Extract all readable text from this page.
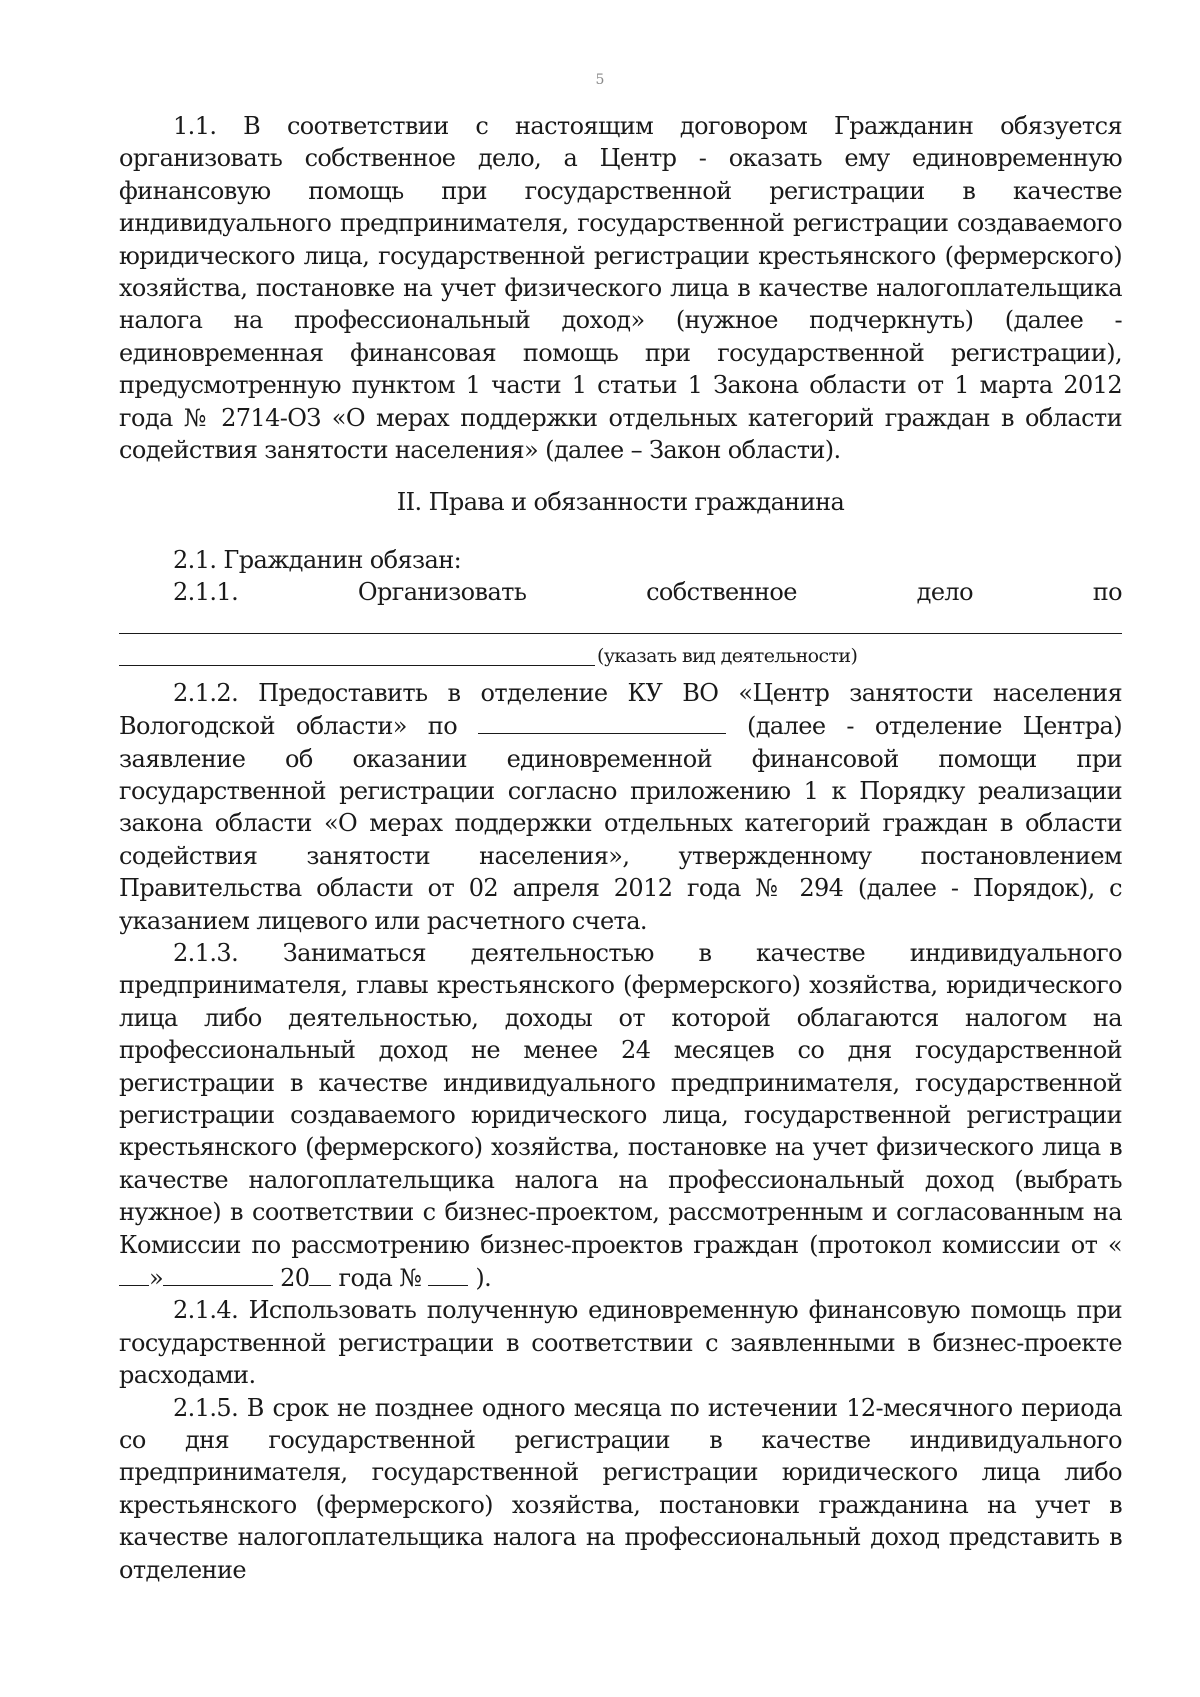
5

1.1. В соответствии с настоящим договором Гражданин обязуется организовать собственное дело, а Центр - оказать ему единовременную финансовую помощь при государственной регистрации в качестве индивидуального предпринимателя, государственной регистрации создаваемого юридического лица, государственной регистрации крестьянского (фермерского) хозяйства, постановке на учет физического лица в качестве налогоплательщика налога на профессиональный доход» (нужное подчеркнуть) (далее - единовременная финансовая помощь при государственной регистрации), предусмотренную пунктом 1 части 1 статьи 1 Закона области от 1 марта 2012 года № 2714-ОЗ «О мерах поддержки отдельных категорий граждан в области содействия занятости населения» (далее – Закон области).

II. Права и обязанности гражданина

2.1. Гражданин обязан:

2.1.1.	Организовать	собственное	дело	по
(указать вид деятельности)

2.1.2. Предоставить в отделение КУ ВО «Центр занятости населения Вологодской области» по	(далее - отделение Центра) заявление об оказании единовременной финансовой помощи при государственной регистрации согласно приложению 1 к Порядку реализации закона области «О мерах поддержки отдельных категорий граждан в области содействия занятости населения», утвержденному постановлением Правительства области от 02 апреля 2012 года № 294 (далее - Порядок), с указанием лицевого или расчетного счета.

2.1.3. Заниматься деятельностью в качестве индивидуального предпринимателя, главы крестьянского (фермерского) хозяйства, юридического лица либо деятельностью, доходы от которой облагаются налогом на профессиональный доход не менее 24 месяцев со дня государственной регистрации в качестве индивидуального предпринимателя, государственной регистрации создаваемого юридического лица, государственной регистрации крестьянского (фермерского) хозяйства, постановке на учет физического лица в качестве налогоплательщика налога на профессиональный доход (выбрать нужное) в соответствии с бизнес-проектом, рассмотренным и согласованным на Комиссии по рассмотрению бизнес-проектов граждан (протокол комиссии от «»	20 года № ).

2.1.4. Использовать полученную единовременную финансовую помощь при государственной регистрации в соответствии с заявленными в бизнес-проекте расходами.

2.1.5. В срок не позднее одного месяца по истечении 12-месячного периода со дня государственной регистрации в качестве индивидуального предпринимателя, государственной регистрации юридического лица либо крестьянского (фермерского) хозяйства, постановки гражданина на учет в качестве налогоплательщика налога на профессиональный доход представить в отделение
